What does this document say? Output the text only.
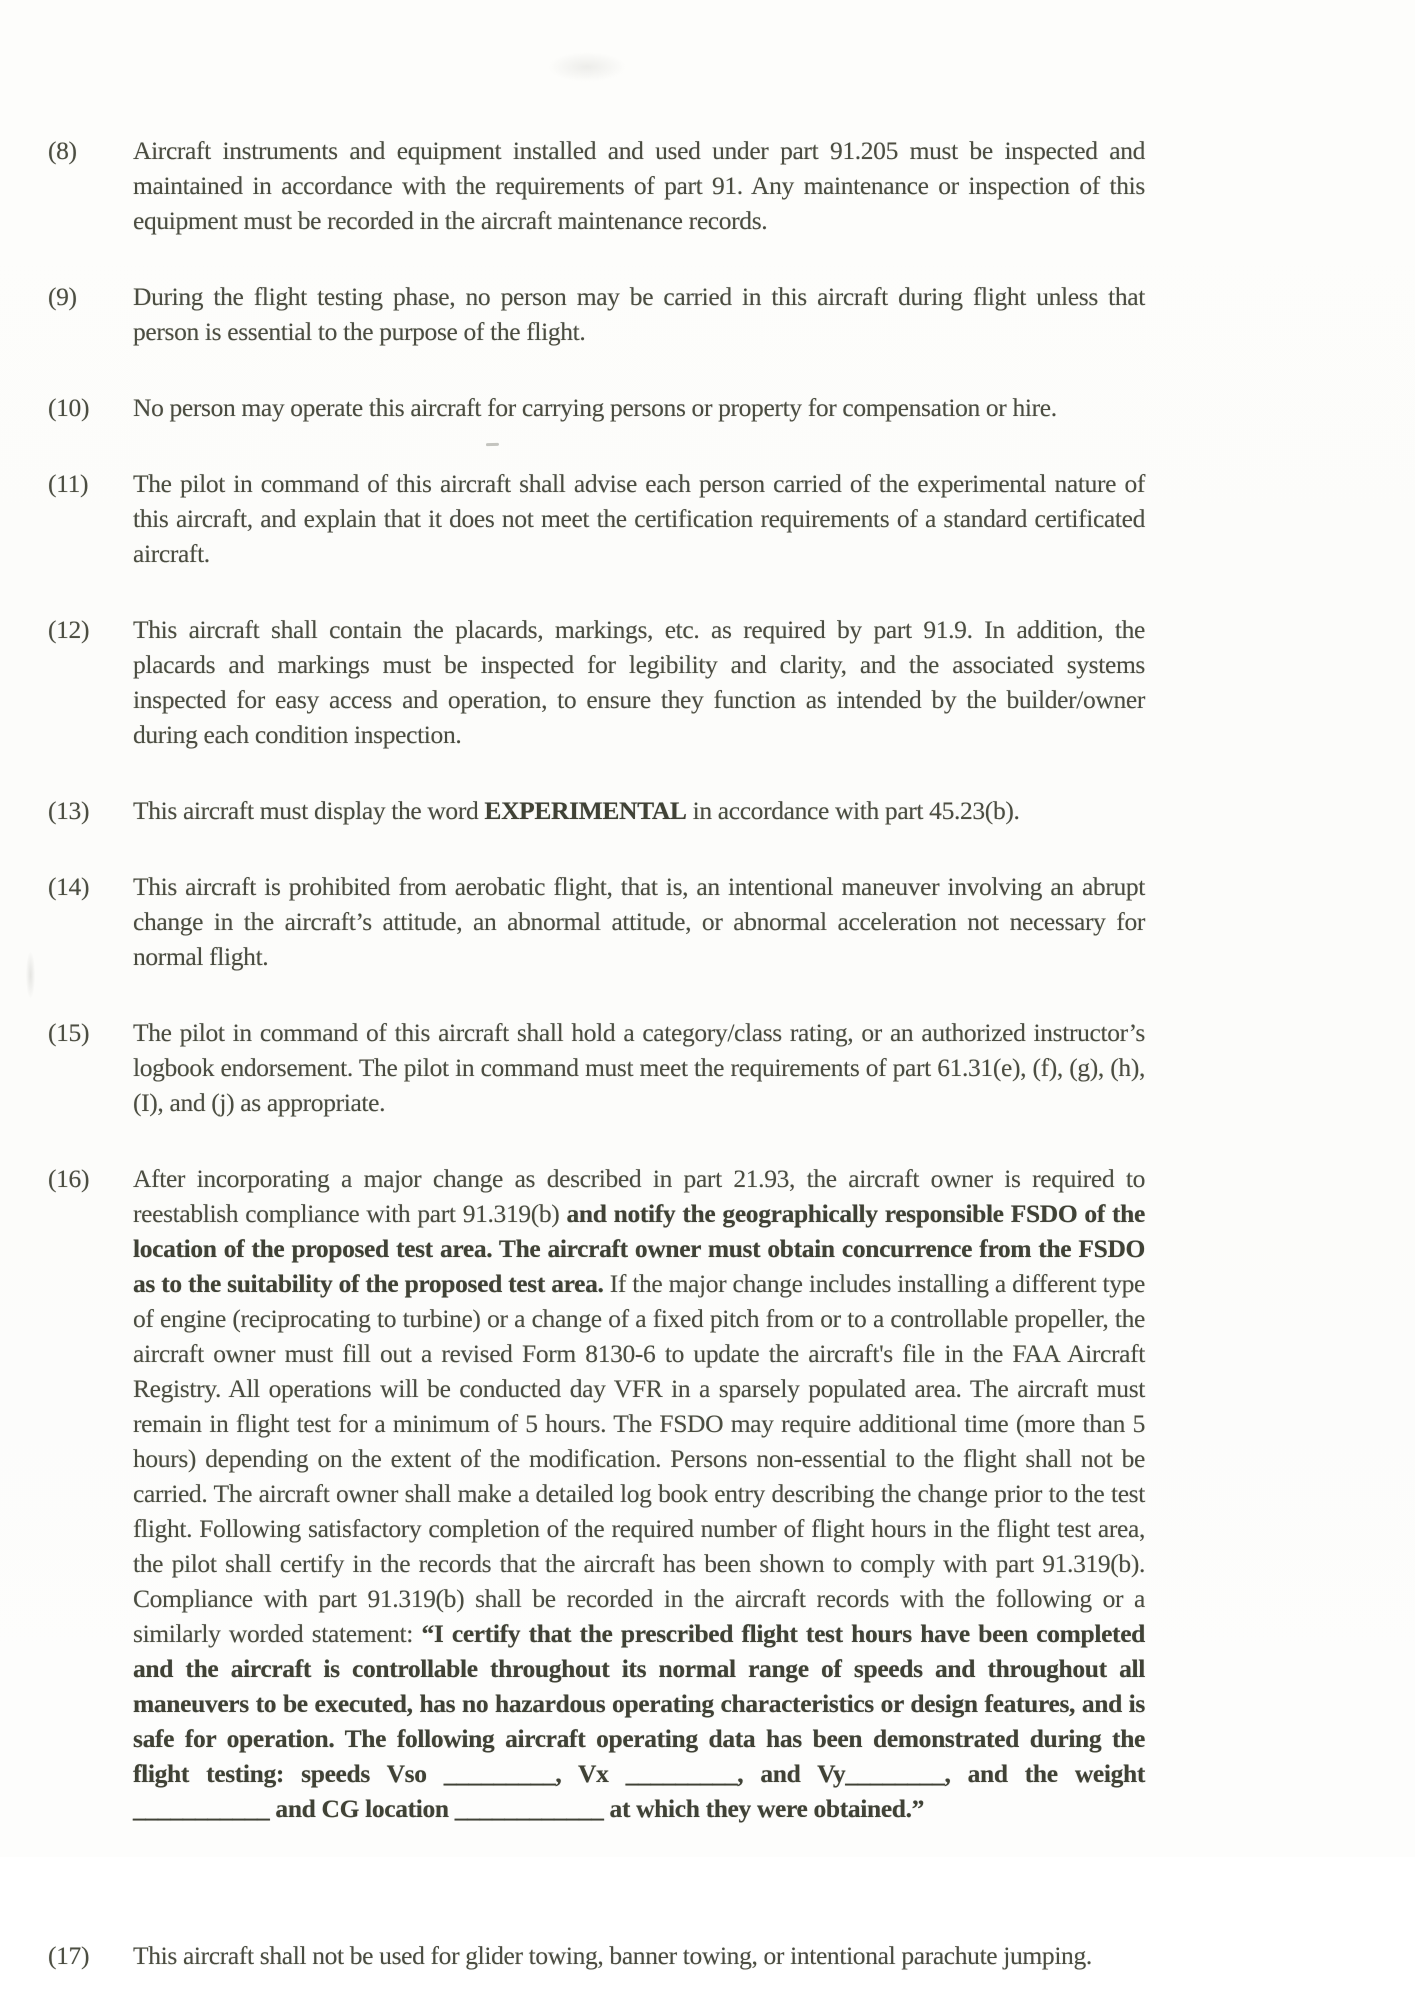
(8)	Aircraft instruments and equipment installed and used under part 91.205 must be inspected and maintained in accordance with the requirements of part 91. Any maintenance or inspection of this equipment must be recorded in the aircraft maintenance records.
(9)	During the flight testing phase, no person may be carried in this aircraft during flight unless that person is essential to the purpose of the flight.
(10)	No person may operate this aircraft for carrying persons or property for compensation or hire.
(11)	The pilot in command of this aircraft shall advise each person carried of the experimental nature of this aircraft, and explain that it does not meet the certification requirements of a standard certificated aircraft.
(12)	This aircraft shall contain the placards, markings, etc. as required by part 91.9. In addition, the placards and markings must be inspected for legibility and clarity, and the associated systems inspected for easy access and operation, to ensure they function as intended by the builder/owner during each condition inspection.
(13)	This aircraft must display the word EXPERIMENTAL in accordance with part 45.23(b).
(14)	This aircraft is prohibited from aerobatic flight, that is, an intentional maneuver involving an abrupt change in the aircraft’s attitude, an abnormal attitude, or abnormal acceleration not necessary for normal flight.
(15)	The pilot in command of this aircraft shall hold a category/class rating, or an authorized instructor’s logbook endorsement. The pilot in command must meet the requirements of part 61.31(e), (f), (g), (h), (I), and (j) as appropriate.
(16)	After incorporating a major change as described in part 21.93, the aircraft owner is required to reestablish compliance with part 91.319(b) and notify the geographically responsible FSDO of the location of the proposed test area. The aircraft owner must obtain concurrence from the FSDO as to the suitability of the proposed test area. If the major change includes installing a different type of engine (reciprocating to turbine) or a change of a fixed pitch from or to a controllable propeller, the aircraft owner must fill out a revised Form 8130-6 to update the aircraft's file in the FAA Aircraft Registry. All operations will be conducted day VFR in a sparsely populated area. The aircraft must remain in flight test for a minimum of 5 hours. The FSDO may require additional time (more than 5 hours) depending on the extent of the modification. Persons non-essential to the flight shall not be carried. The aircraft owner shall make a detailed log book entry describing the change prior to the test flight. Following satisfactory completion of the required number of flight hours in the flight test area, the pilot shall certify in the records that the aircraft has been shown to comply with part 91.319(b). Compliance with part 91.319(b) shall be recorded in the aircraft records with the following or a similarly worded statement: “I certify that the prescribed flight test hours have been completed and the aircraft is controllable throughout its normal range of speeds and throughout all maneuvers to be executed, has no hazardous operating characteristics or design features, and is safe for operation. The following aircraft operating data has been demonstrated during the flight testing: speeds Vso _________, Vx _________, and Vy________, and the weight ___________ and CG location ____________ at which they were obtained.”
(17)	This aircraft shall not be used for glider towing, banner towing, or intentional parachute jumping.
